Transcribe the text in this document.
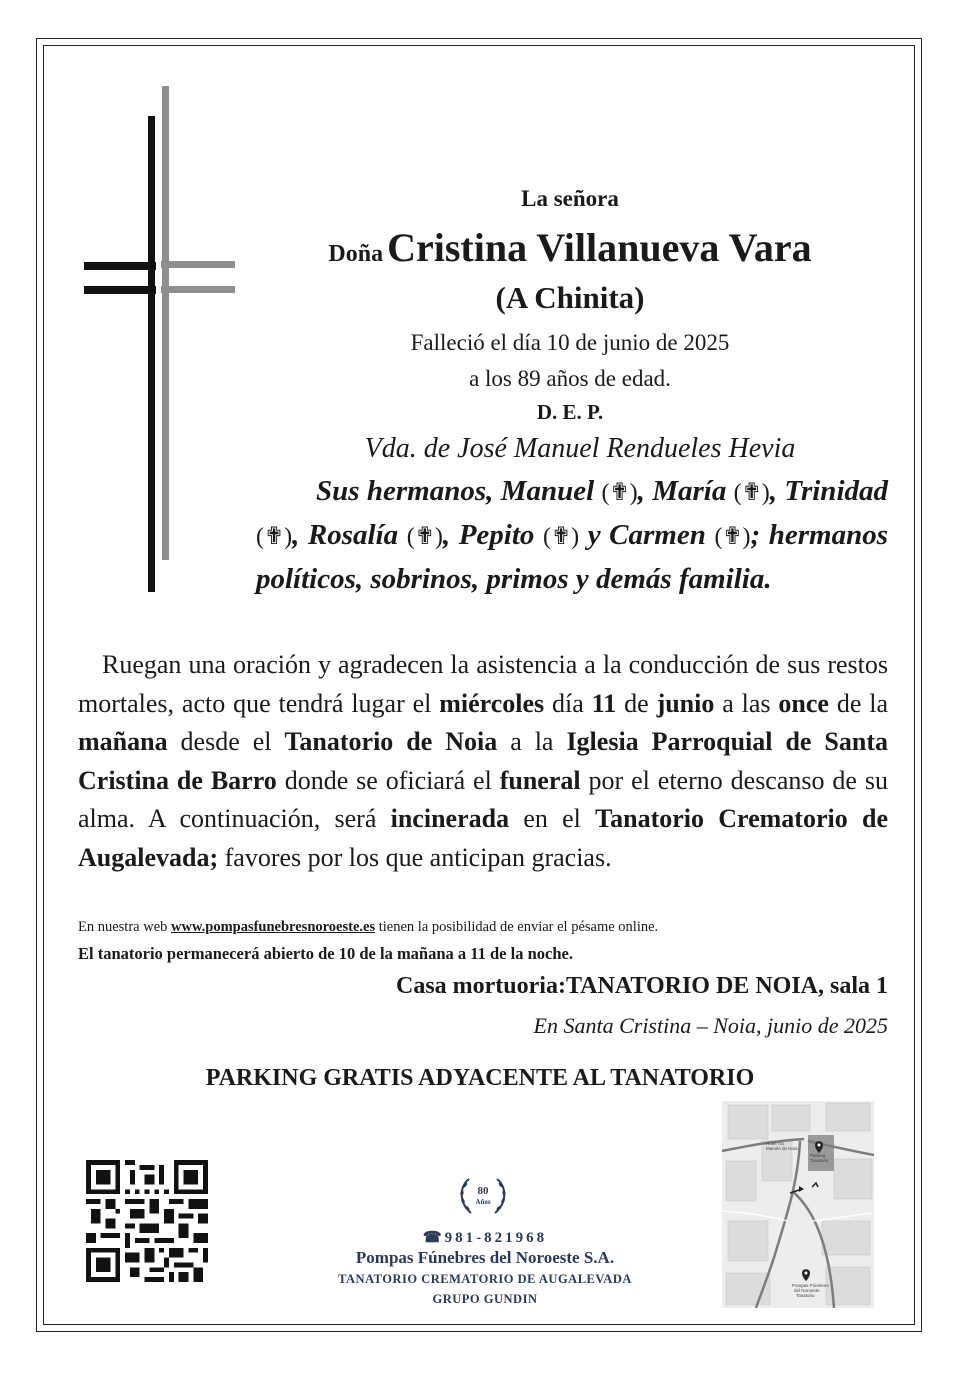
La señora
Doña Cristina Villanueva Vara
(A Chinita)
Falleció el día 10 de junio de 2025
a los 89 años de edad.
D. E. P.
Vda. de José Manuel Rendueles Hevia
Sus hermanos, Manuel (✟), María (✟), Trinidad (✟), Rosalía (✟), Pepito (✟) y Carmen (✟); hermanos políticos, sobrinos, primos y demás familia.
Ruegan una oración y agradecen la asistencia a la conducción de sus restos mortales, acto que tendrá lugar el miércoles día 11 de junio a las once de la mañana desde el Tanatorio de Noia a la Iglesia Parroquial de Santa Cristina de Barro donde se oficiará el funeral por el eterno descanso de su alma. A continuación, será incinerada en el Tanatorio Crematorio de Augalevada; favores por los que anticipan gracias.
En nuestra web www.pompasfunebresnoroeste.es tienen la posibilidad de enviar el pésame online.
El tanatorio permanecerá abierto de 10 de la mañana a 11 de la noche.
Casa mortuoria:TANATORIO DE NOIA, sala 1
En Santa Cristina – Noia, junio de 2025
PARKING GRATIS ADYACENTE AL TANATORIO
80
Años
☎981-821968
Pompas Fúnebres del Noroeste S.A.
TANATORIO CREMATORIO DE AUGALEVADA
GRUPO GUNDIN
Hotel Tia
Manolo de Noia
Parking
Tanatorio
Pompas Fúnebres
del Noroeste
Tanatorio
